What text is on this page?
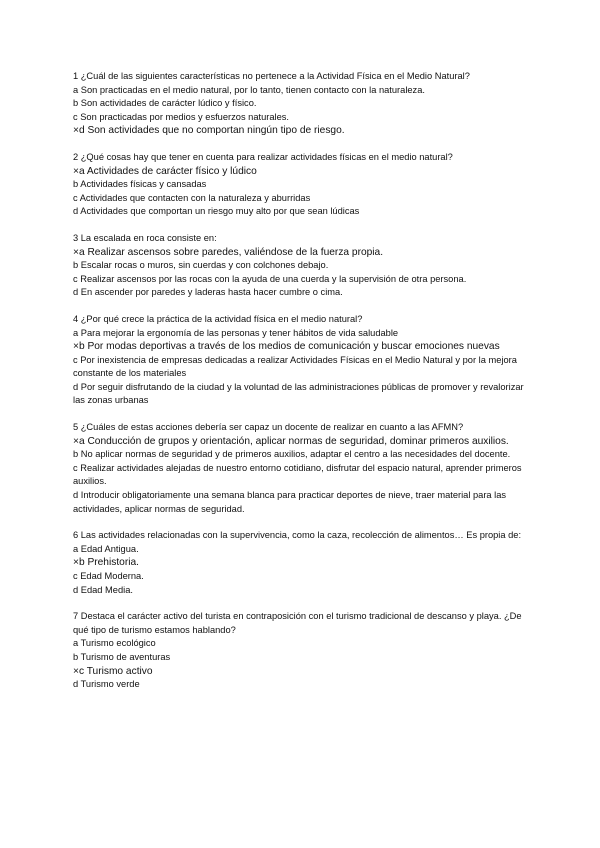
1 ¿Cuál de las siguientes características no pertenece a la Actividad Física en el Medio Natural?
a Son practicadas en el medio natural, por lo tanto, tienen contacto con la naturaleza.
b Son actividades de carácter lúdico y físico.
c Son practicadas por medios y esfuerzos naturales.
×d Son actividades que no comportan ningún tipo de riesgo.
2 ¿Qué cosas hay que tener en cuenta para realizar actividades físicas en el medio natural?
×a Actividades de carácter físico y lúdico
b Actividades físicas y cansadas
c Actividades que contacten con la naturaleza y aburridas
d Actividades que comportan un riesgo muy alto por que sean lúdicas
3 La escalada en roca consiste en:
×a Realizar ascensos sobre paredes, valiéndose de la fuerza propia.
b Escalar rocas o muros, sin cuerdas y con colchones debajo.
c Realizar ascensos por las rocas con la ayuda de una cuerda y la supervisión de otra persona.
d En ascender por paredes y laderas hasta hacer cumbre o cima.
4 ¿Por qué crece la práctica de la actividad física en el medio natural?
a Para mejorar la ergonomía de las personas y tener hábitos de vida saludable
×b Por modas deportivas a través de los medios de comunicación y buscar emociones nuevas
c Por inexistencia de empresas dedicadas a realizar Actividades Físicas en el Medio Natural y por la mejora constante de los materiales
d Por seguir disfrutando de la ciudad y la voluntad de las administraciones públicas de promover y revalorizar las zonas urbanas
5 ¿Cuáles de estas acciones debería ser capaz un docente de realizar en cuanto a las AFMN?
×a Conducción de grupos y orientación, aplicar normas de seguridad, dominar primeros auxilios.
b No aplicar normas de seguridad y de primeros auxilios, adaptar el centro a las necesidades del docente.
c Realizar actividades alejadas de nuestro entorno cotidiano, disfrutar del espacio natural, aprender primeros auxilios.
d Introducir obligatoriamente una semana blanca para practicar deportes de nieve, traer material para las actividades, aplicar normas de seguridad.
6 Las actividades relacionadas con la supervivencia, como la caza, recolección de alimentos… Es propia de:
a Edad Antigua.
×b Prehistoria.
c Edad Moderna.
d Edad Media.
7 Destaca el carácter activo del turista en contraposición con el turismo tradicional de descanso y playa. ¿De qué tipo de turismo estamos hablando?
a Turismo ecológico
b Turismo de aventuras
×c Turismo activo
d Turismo verde
